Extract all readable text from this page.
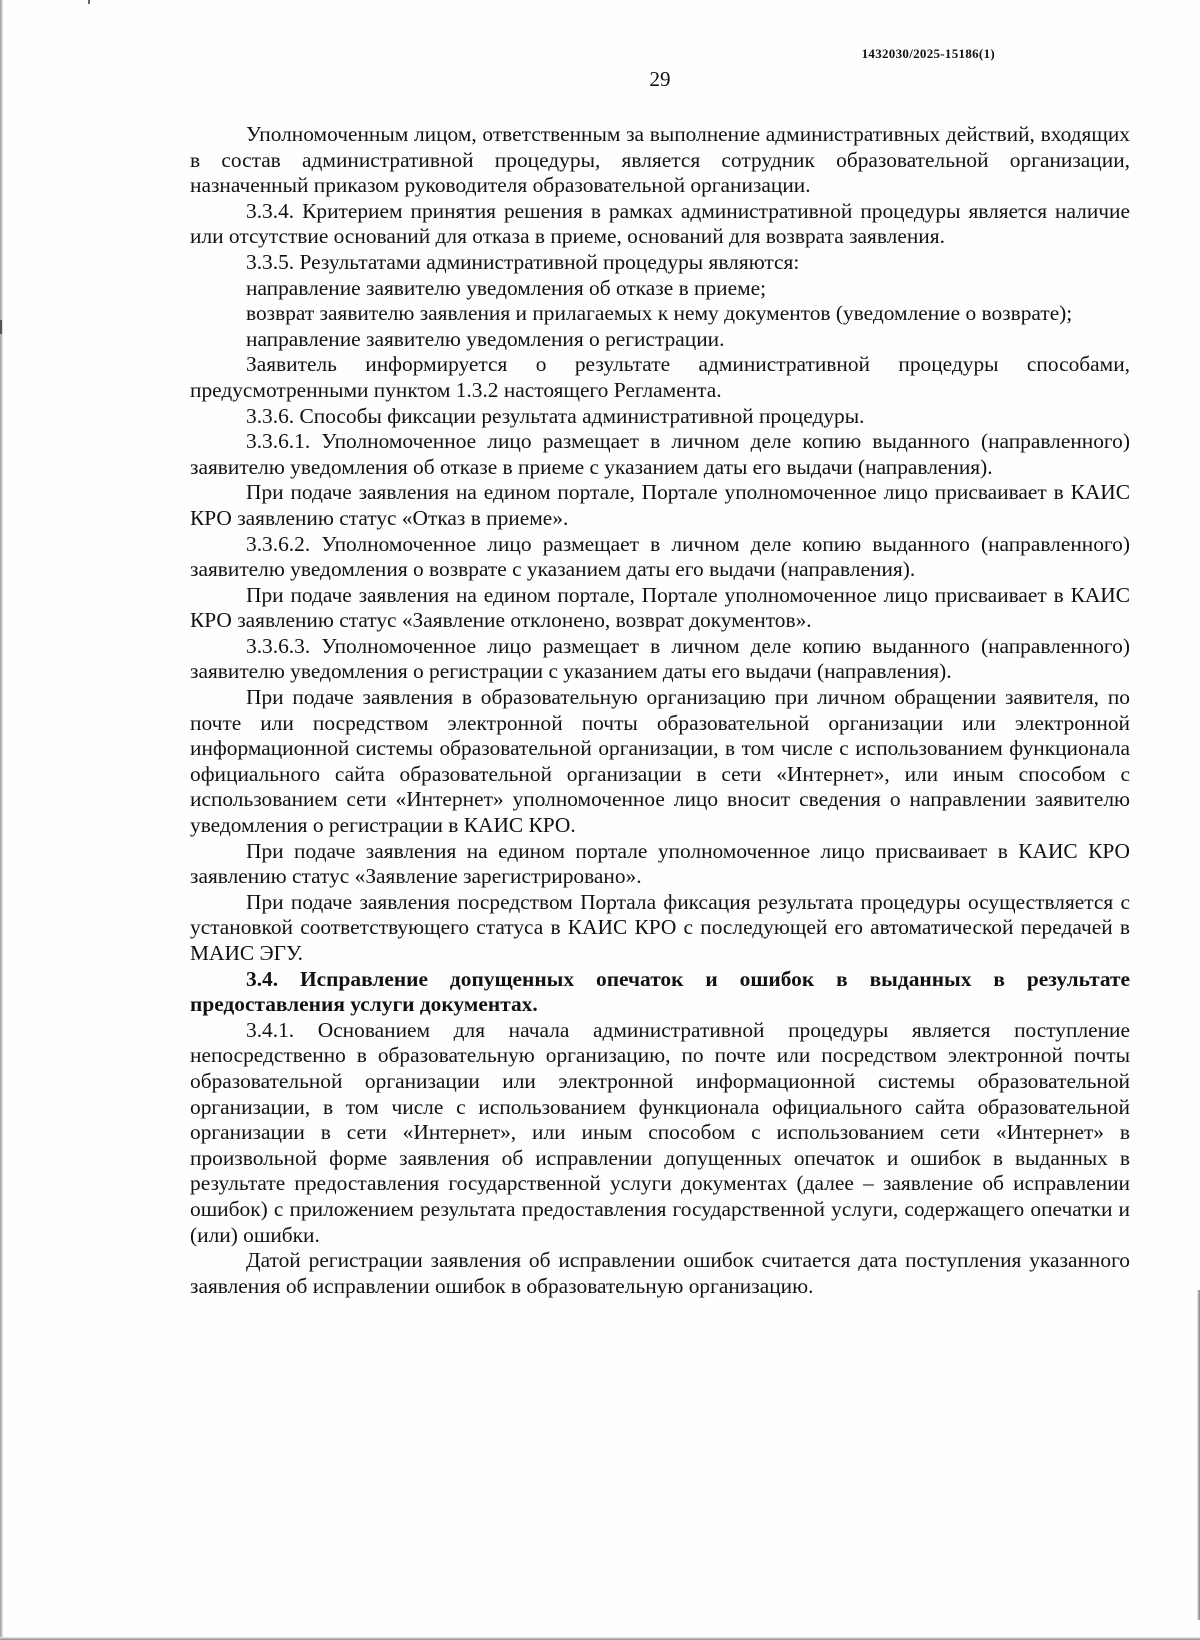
1432030/2025-15186(1)
29

Уполномоченным лицом, ответственным за выполнение административных действий, входящих в состав административной процедуры, является сотрудник образовательной организации, назначенный приказом руководителя образовательной организации.

3.3.4. Критерием принятия решения в рамках административной процедуры является наличие или отсутствие оснований для отказа в приеме, оснований для возврата заявления.

3.3.5. Результатами административной процедуры являются:

направление заявителю уведомления об отказе в приеме;

возврат заявителю заявления и прилагаемых к нему документов (уведомление о возврате);

направление заявителю уведомления о регистрации.

Заявитель информируется о результате административной процедуры способами, предусмотренными пунктом 1.3.2 настоящего Регламента.

3.3.6. Способы фиксации результата административной процедуры.

3.3.6.1. Уполномоченное лицо размещает в личном деле копию выданного (направленного) заявителю уведомления об отказе в приеме с указанием даты его выдачи (направления).

При подаче заявления на едином портале, Портале уполномоченное лицо присваивает в КАИС КРО заявлению статус «Отказ в приеме».

3.3.6.2. Уполномоченное лицо размещает в личном деле копию выданного (направленного) заявителю уведомления о возврате с указанием даты его выдачи (направления).

При подаче заявления на едином портале, Портале уполномоченное лицо присваивает в КАИС КРО заявлению статус «Заявление отклонено, возврат документов».

3.3.6.3. Уполномоченное лицо размещает в личном деле копию выданного (направленного) заявителю уведомления о регистрации с указанием даты его выдачи (направления).

При подаче заявления в образовательную организацию при личном обращении заявителя, по почте или посредством электронной почты образовательной организации или электронной информационной системы образовательной организации, в том числе с использованием функционала официального сайта образовательной организации в сети «Интернет», или иным способом с использованием сети «Интернет» уполномоченное лицо вносит сведения о направлении заявителю уведомления о регистрации в КАИС КРО.

При подаче заявления на едином портале уполномоченное лицо присваивает в КАИС КРО заявлению статус «Заявление зарегистрировано».

При подаче заявления посредством Портала фиксация результата процедуры осуществляется с установкой соответствующего статуса в КАИС КРО с последующей его автоматической передачей в МАИС ЭГУ.

3.4. Исправление допущенных опечаток и ошибок в выданных в результате предоставления услуги документах.

3.4.1. Основанием для начала административной процедуры является поступление непосредственно в образовательную организацию, по почте или посредством электронной почты образовательной организации или электронной информационной системы образовательной организации, в том числе с использованием функционала официального сайта образовательной организации в сети «Интернет», или иным способом с использованием сети «Интернет» в произвольной форме заявления об исправлении допущенных опечаток и ошибок в выданных в результате предоставления государственной услуги документах (далее – заявление об исправлении ошибок) с приложением результата предоставления государственной услуги, содержащего опечатки и (или) ошибки.

Датой регистрации заявления об исправлении ошибок считается дата поступления указанного заявления об исправлении ошибок в образовательную организацию.
